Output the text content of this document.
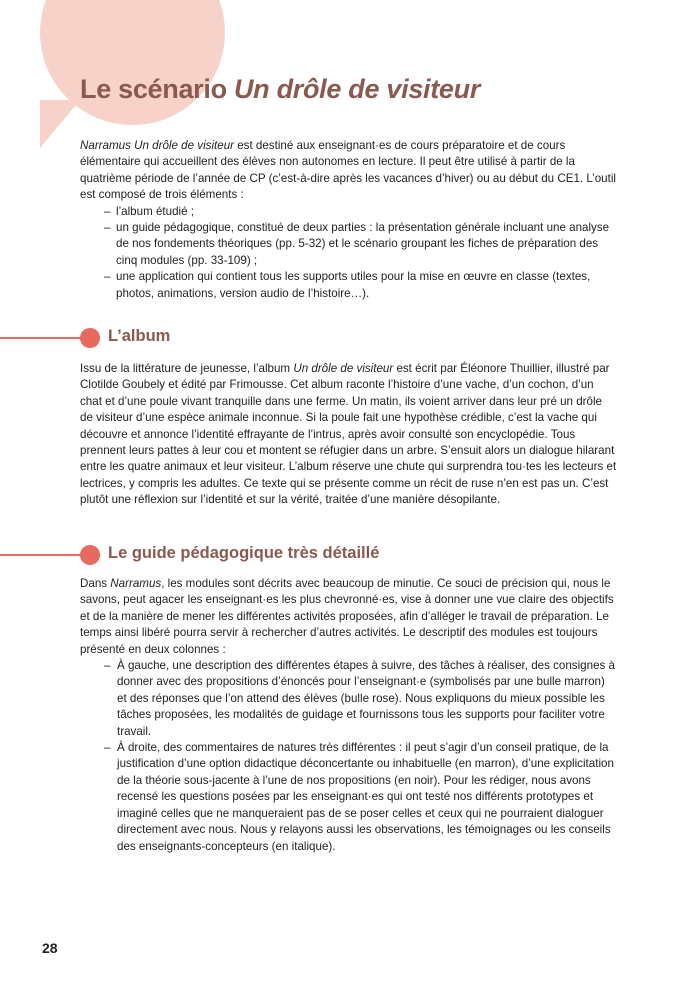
Le scénario Un drôle de visiteur

Narramus Un drôle de visiteur est destiné aux enseignant·es de cours préparatoire et de cours élémentaire qui accueillent des élèves non autonomes en lecture. Il peut être utilisé à partir de la quatrième période de l’année de CP (c’est-à-dire après les vacances d’hiver) ou au début du CE1. L’outil est composé de trois éléments :

– l’album étudié ;
– un guide pédagogique, constitué de deux parties : la présentation générale incluant une analyse de nos fondements théoriques (pp. 5-32) et le scénario groupant les fiches de préparation des cinq modules (pp. 33-109) ;
– une application qui contient tous les supports utiles pour la mise en œuvre en classe (textes, photos, animations, version audio de l’histoire…).
L’album

Issu de la littérature de jeunesse, l’album Un drôle de visiteur est écrit par Éléonore Thuillier, illustré par Clotilde Goubely et édité par Frimousse. Cet album raconte l’histoire d’une vache, d’un cochon, d’un chat et d’une poule vivant tranquille dans une ferme. Un matin, ils voient arriver dans leur pré un drôle de visiteur d’une espèce animale inconnue. Si la poule fait une hypothèse crédible, c’est la vache qui découvre et annonce l’identité effrayante de l’intrus, après avoir consulté son encyclopédie. Tous prennent leurs pattes à leur cou et montent se réfugier dans un arbre. S’ensuit alors un dialogue hilarant entre les quatre animaux et leur visiteur. L’album réserve une chute qui surprendra tou·tes les lecteurs et lectrices, y compris les adultes. Ce texte qui se présente comme un récit de ruse n’en est pas un. C’est plutôt une réflexion sur l’identité et sur la vérité, traitée d’une manière désopilante.

Le guide pédagogique très détaillé

Dans Narramus, les modules sont décrits avec beaucoup de minutie. Ce souci de précision qui, nous le savons, peut agacer les enseignant·es les plus chevronné·es, vise à donner une vue claire des objectifs et de la manière de mener les différentes activités proposées, afin d’alléger le travail de préparation. Le temps ainsi libéré pourra servir à rechercher d’autres activités. Le descriptif des modules est toujours présenté en deux colonnes :

– À gauche, une description des différentes étapes à suivre, des tâches à réaliser, des consignes à donner avec des propositions d’énoncés pour l’enseignant·e (symbolisés par une bulle marron) et des réponses que l’on attend des élèves (bulle rose). Nous expliquons du mieux possible les tâches proposées, les modalités de guidage et fournissons tous les supports pour faciliter votre travail.
– À droite, des commentaires de natures très différentes : il peut s’agir d’un conseil pratique, de la justification d’une option didactique déconcertante ou inhabituelle (en marron), d’une explicitation de la théorie sous-jacente à l’une de nos propositions (en noir). Pour les rédiger, nous avons recensé les questions posées par les enseignant·es qui ont testé nos différents prototypes et imaginé celles que ne manqueraient pas de se poser celles et ceux qui ne pourraient dialoguer directement avec nous. Nous y relayons aussi les observations, les témoignages ou les conseils des enseignants-concepteurs (en italique).
28
